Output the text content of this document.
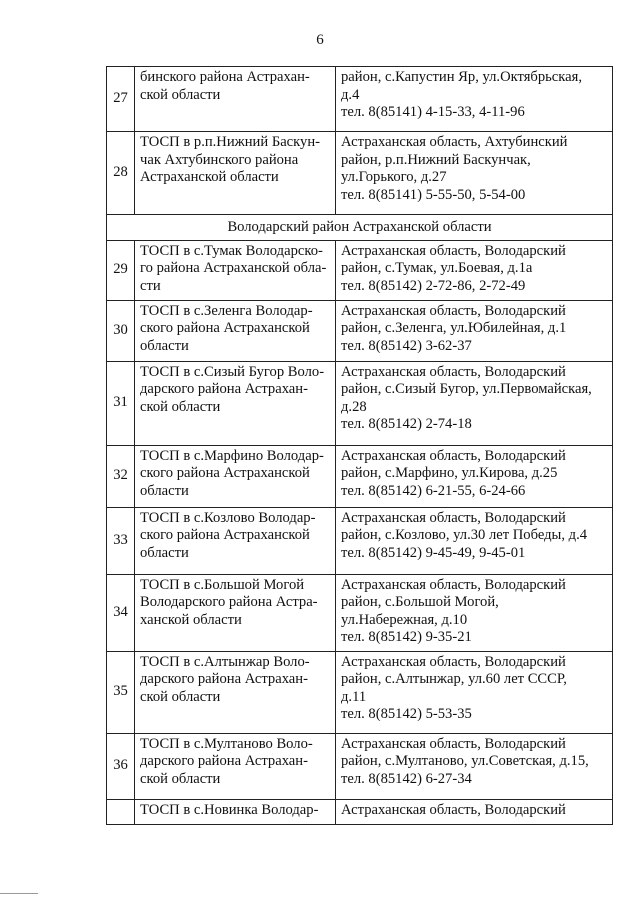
6
27	бинского района Астрахан-
ской области	район, с.Капустин Яр, ул.Октябрьская,
д.4
тел. 8(85141) 4-15-33, 4-11-96

28	ТОСП в р.п.Нижний Баскун-
чак Ахтубинского района
Астраханской области	Астраханская область, Ахтубинский
район, р.п.Нижний Баскунчак,
ул.Горького, д.27
тел. 8(85141) 5-55-50, 5-54-00

Володарский район Астраханской области		
29	ТОСП в с.Тумак Володарско-
го района Астраханской обла-
сти	Астраханская область, Володарский
район, с.Тумак, ул.Боевая, д.1а
тел. 8(85142) 2-72-86, 2-72-49

30	ТОСП в с.Зеленга Володар-
ского района Астраханской
области	Астраханская область, Володарский
район, с.Зеленга, ул.Юбилейная, д.1
тел. 8(85142) 3-62-37

31	ТОСП в с.Сизый Бугор Воло-
дарского района Астрахан-
ской области	Астраханская область, Володарский
район, с.Сизый Бугор, ул.Первомайская,
д.28
тел. 8(85142) 2-74-18

32	ТОСП в с.Марфино Володар-
ского района Астраханской
области	Астраханская область, Володарский
район, с.Марфино, ул.Кирова, д.25
тел. 8(85142) 6-21-55, 6-24-66

33	ТОСП в с.Козлово Володар-
ского района Астраханской
области	Астраханская область, Володарский
район, с.Козлово, ул.30 лет Победы, д.4
тел. 8(85142) 9-45-49, 9-45-01

34	ТОСП в с.Большой Могой
Володарского района Астра-
ханской области	Астраханская область, Володарский
район, с.Большой Могой,
ул.Набережная, д.10
тел. 8(85142) 9-35-21

35	ТОСП в с.Алтынжар Воло-
дарского района Астрахан-
ской области	Астраханская область, Володарский
район, с.Алтынжар, ул.60 лет СССР,
д.11
тел. 8(85142) 5-53-35

36	ТОСП в с.Мултаново Воло-
дарского района Астрахан-
ской области	Астраханская область, Володарский
район, с.Мултаново, ул.Советская, д.15,
тел. 8(85142) 6-27-34

	ТОСП в с.Новинка Володар-	Астраханская область, Володарский
